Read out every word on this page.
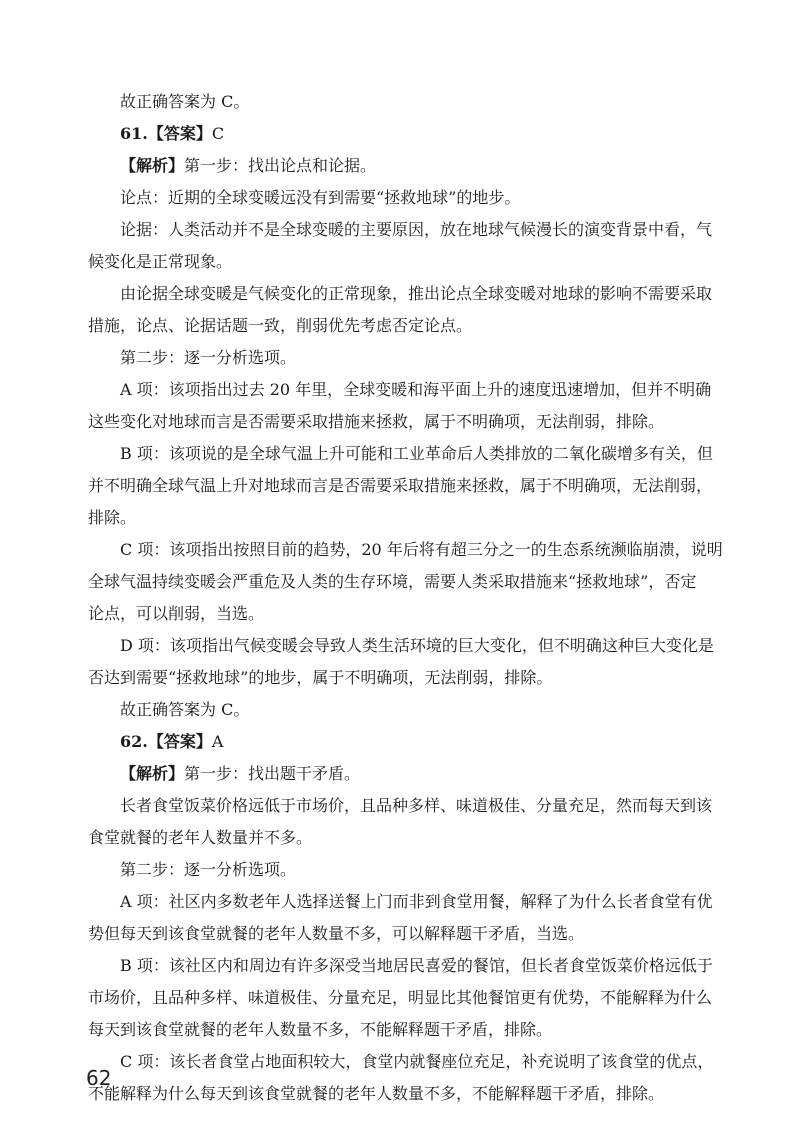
故正确答案为 C。

61.【答案】C

【解析】第一步：找出论点和论据。

论点：近期的全球变暖远没有到需要“拯救地球”的地步。

论据：人类活动并不是全球变暖的主要原因，放在地球气候漫长的演变背景中看，气

候变化是正常现象。

由论据全球变暖是气候变化的正常现象，推出论点全球变暖对地球的影响不需要采取

措施，论点、论据话题一致，削弱优先考虑否定论点。

第二步：逐一分析选项。

A 项：该项指出过去 20 年里，全球变暖和海平面上升的速度迅速增加，但并不明确

这些变化对地球而言是否需要采取措施来拯救，属于不明确项，无法削弱，排除。

B 项：该项说的是全球气温上升可能和工业革命后人类排放的二氧化碳增多有关，但

并不明确全球气温上升对地球而言是否需要采取措施来拯救，属于不明确项，无法削弱，

排除。

C 项：该项指出按照目前的趋势，20 年后将有超三分之一的生态系统濒临崩溃，说明

全球气温持续变暖会严重危及人类的生存环境，需要人类采取措施来“拯救地球”，否定

论点，可以削弱，当选。

D 项：该项指出气候变暖会导致人类生活环境的巨大变化，但不明确这种巨大变化是

否达到需要“拯救地球”的地步，属于不明确项，无法削弱，排除。

故正确答案为 C。

62.【答案】A

【解析】第一步：找出题干矛盾。

长者食堂饭菜价格远低于市场价，且品种多样、味道极佳、分量充足，然而每天到该

食堂就餐的老年人数量并不多。

第二步：逐一分析选项。

A 项：社区内多数老年人选择送餐上门而非到食堂用餐，解释了为什么长者食堂有优

势但每天到该食堂就餐的老年人数量不多，可以解释题干矛盾，当选。

B 项：该社区内和周边有许多深受当地居民喜爱的餐馆，但长者食堂饭菜价格远低于

市场价，且品种多样、味道极佳、分量充足，明显比其他餐馆更有优势，不能解释为什么

每天到该食堂就餐的老年人数量不多，不能解释题干矛盾，排除。

C 项：该长者食堂占地面积较大，食堂内就餐座位充足，补充说明了该食堂的优点，

不能解释为什么每天到该食堂就餐的老年人数量不多，不能解释题干矛盾，排除。

62
